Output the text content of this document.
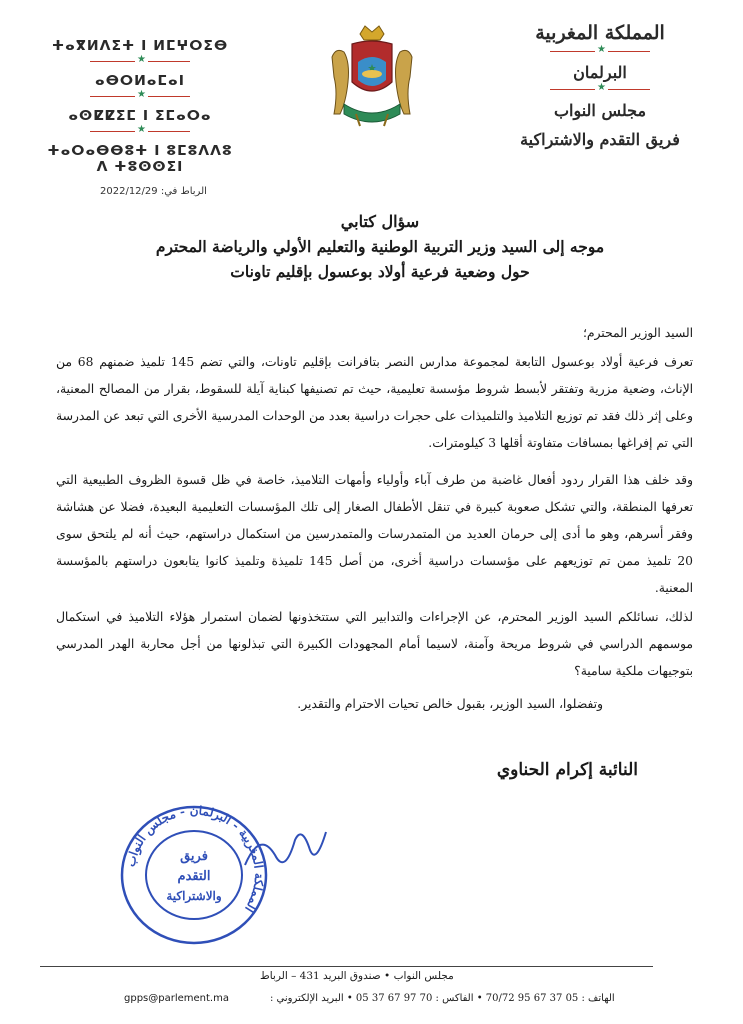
المملكة المغربية
★
البرلمان
★
مجلس النواب
فريق التقدم والاشتراكية
ⵜⴰⴳⵍⴷⵉⵜ ⵏ ⵍⵎⵖⵔⵉⴱ
★
ⴰⴱⵔⵍⴰⵎⴰⵏ
★
ⴰⵙⵇⵇⵉⵎ ⵏ ⵉⵎⴰⵔⴰ
★
ⵜⴰⵔⴰⴱⴱⵓⵜ ⵏ ⵓⵎⵓⴷⴷⵓ ⴷ ⵜⵓⵙⵙⵉⵏ
الرباط في: 2022/12/29
سؤال كتابي
موجه إلى السيد وزير التربية الوطنية والتعليم الأولي والرياضة المحترم
حول وضعية فرعية أولاد بوعسول بإقليم تاونات

السيد الوزير المحترم؛

تعرف فرعية أولاد بوعسول التابعة لمجموعة مدارس النصر بتافرانت بإقليم تاونات، والتي تضم 145 تلميذ ضمنهم 68 من الإناث، وضعية مزرية وتفتقر لأبسط شروط مؤسسة تعليمية، حيث تم تصنيفها كبناية آيلة للسقوط، بقرار من المصالح المعنية، وعلى إثر ذلك فقد تم توزيع التلاميذ والتلميذات على حجرات دراسية بعدد من الوحدات المدرسية الأخرى التي تبعد عن المدرسة التي تم إفراغها بمسافات متفاوتة أقلها 3 كيلومترات.

وقد خلف هذا القرار ردود أفعال غاضبة من طرف آباء وأولياء وأمهات التلاميذ، خاصة في ظل قسوة الظروف الطبيعية التي تعرفها المنطقة، والتي تشكل صعوبة كبيرة في تنقل الأطفال الصغار إلى تلك المؤسسات التعليمية البعيدة، فضلا عن هشاشة وفقر أسرهم، وهو ما أدى إلى حرمان العديد من المتمدرسات والمتمدرسين من استكمال دراستهم، حيث أنه لم يلتحق سوى 20 تلميذ ممن تم توزيعهم على مؤسسات دراسية أخرى، من أصل 145 تلميذة وتلميذ كانوا يتابعون دراستهم بالمؤسسة المعنية.

لذلك، نسائلكم السيد الوزير المحترم، عن الإجراءات والتدابير التي ستتخذونها لضمان استمرار هؤلاء التلاميذ في استكمال موسمهم الدراسي في شروط مريحة وآمنة، لاسيما أمام المجهودات الكبيرة التي تبذلونها من أجل محاربة الهدر المدرسي بتوجيهات ملكية سامية؟

وتفضلوا، السيد الوزير، بقبول خالص تحيات الاحترام والتقدير.

النائبة إكرام الحناوي
المملكة المغربية - البرلمان - مجلس النواب
فريق
التقدم
والاشتراكية
مجلس النواب • صندوق البريد 431 – الرباط
الهاتف : 05 37 67 95 70/72 • الفاكس : 70 97 67 37 05 • البريد الإلكتروني :
gpps@parlement.ma
